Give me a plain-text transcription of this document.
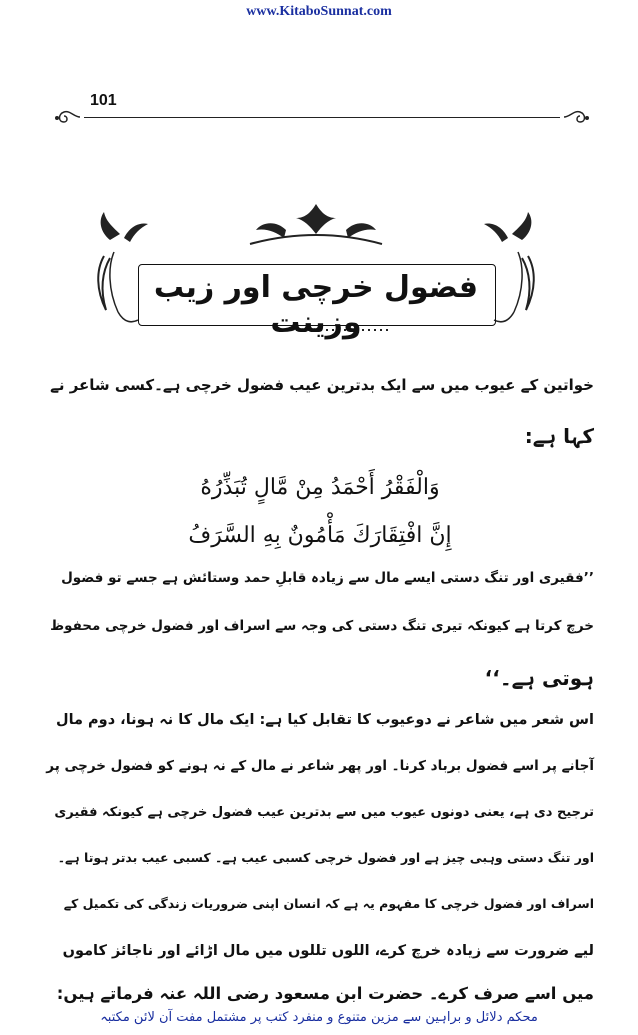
www.KitaboSunnat.com
101
فضول خرچی اور زیب وزینت
خواتین کے عیوب میں سے ایک بدترین عیب فضول خرچی ہے۔کسی شاعر نے
کہا ہے:
وَالْفَقْرُ أَحْمَدُ مِنْ مَّالٍ تُبَذِّرُهُ
إِنَّ افْتِقَارَكَ مَأْمُونٌ بِهِ السَّرَفُ
’’فقیری اور تنگ دستی ایسے مال سے زیادہ قابلِ حمد وستائش ہے جسے تو فضول
خرچ کرتا ہے کیونکہ تیری تنگ دستی کی وجہ سے اسراف اور فضول خرچی محفوظ
ہوتی ہے۔‘‘
اس شعر میں شاعر نے دوعیوب کا تقابل کیا ہے: ایک مال کا نہ ہونا، دوم مال
آجانے پر اسے فضول برباد کرنا۔ اور پھر شاعر نے مال کے نہ ہونے کو فضول خرچی پر
ترجیح دی ہے، یعنی دونوں عیوب میں سے بدترین عیب فضول خرچی ہے کیونکہ فقیری
اور تنگ دستی وہبی چیز ہے اور فضول خرچی کسبی عیب ہے۔ کسبی عیب بدتر ہوتا ہے۔
اسراف اور فضول خرچی کا مفہوم یہ ہے کہ انسان اپنی ضروریات زندگی کی تکمیل کے
لیے ضرورت سے زیادہ خرچ کرے، اللوں تللوں میں مال اڑائے اور ناجائز کاموں
میں اسے صرف کرے۔ حضرت ابن مسعود رضی اللہ عنہ فرماتے ہیں:
محکم دلائل و براہین سے مزین متنوع و منفرد کتب پر مشتمل مفت آن لائن مکتبہ
